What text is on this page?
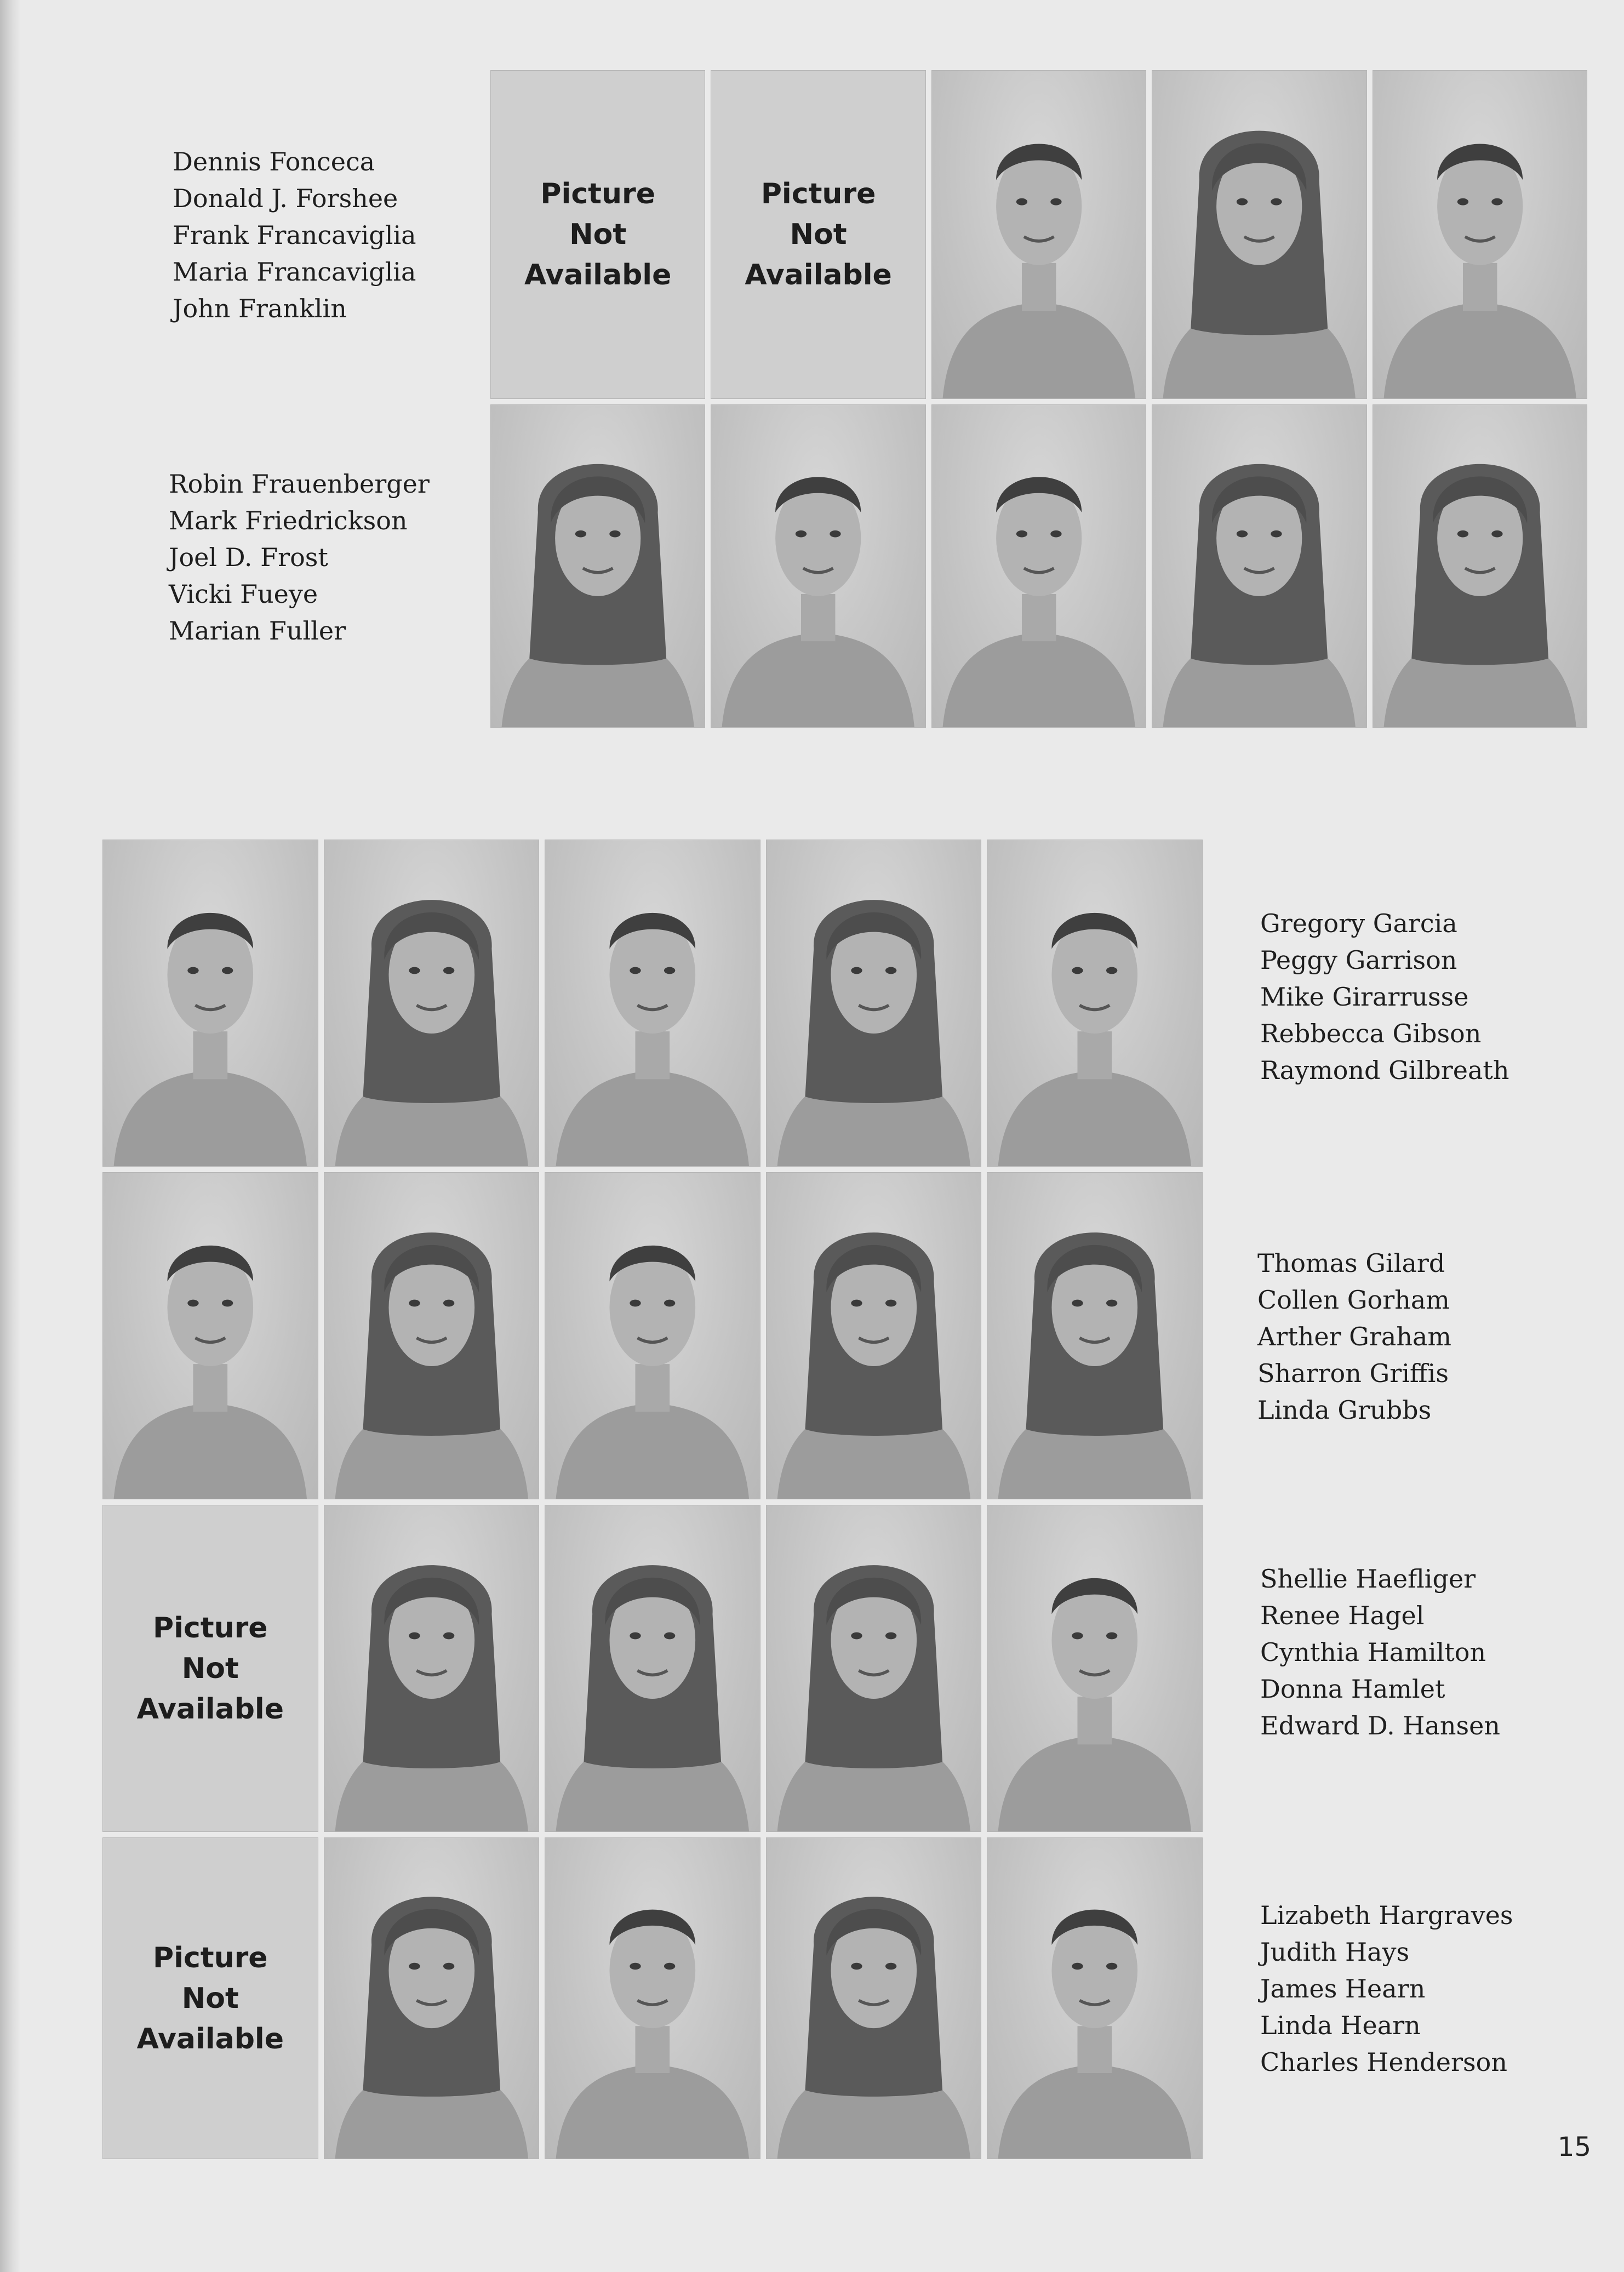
Picture
Not
Available
Picture
Not
Available
Dennis Fonceca
Donald J. Forshee
Frank Francaviglia
Maria Francaviglia
John Franklin
Robin Frauenberger
Mark Friedrickson
Joel D. Frost
Vicki Fueye
Marian Fuller
Picture
Not
Available
Picture
Not
Available
Gregory Garcia
Peggy Garrison
Mike Girarrusse
Rebbecca Gibson
Raymond Gilbreath
Thomas Gilard
Collen Gorham
Arther Graham
Sharron Griffis
Linda Grubbs
Shellie Haefliger
Renee Hagel
Cynthia Hamilton
Donna Hamlet
Edward D. Hansen
Lizabeth Hargraves
Judith Hays
James Hearn
Linda Hearn
Charles Henderson
15
